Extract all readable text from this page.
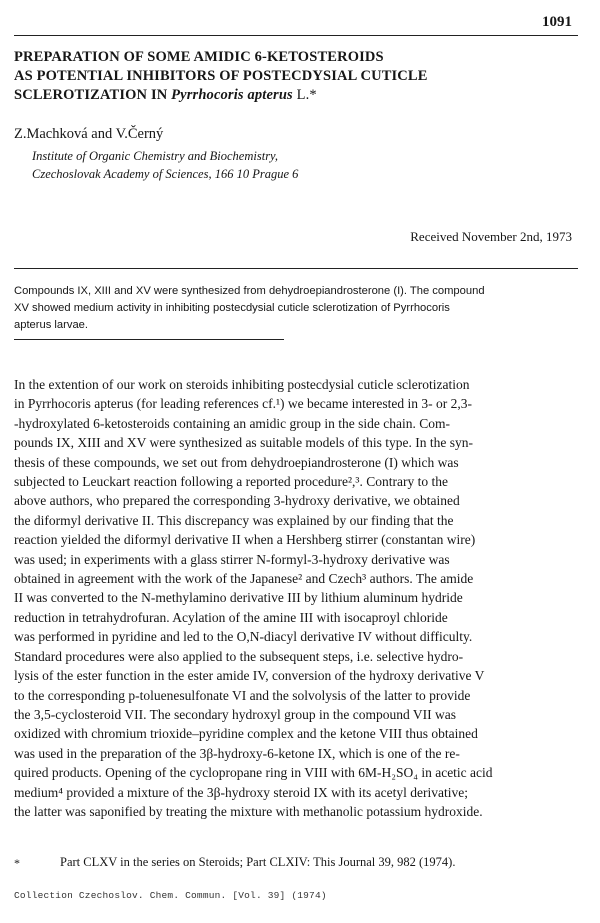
1091
PREPARATION OF SOME AMIDIC 6-KETOSTEROIDS
AS POTENTIAL INHIBITORS OF POSTECDYSIAL CUTICLE
SCLEROTIZATION IN Pyrrhocoris apterus L.*
Z.Machková and V.Černý
Institute of Organic Chemistry and Biochemistry,
Czechoslovak Academy of Sciences, 166 10 Prague 6
Received November 2nd, 1973
Compounds IX, XIII and XV were synthesized from dehydroepiandrosterone (I). The compound
XV showed medium activity in inhibiting postecdysial cuticle sclerotization of Pyrrhocoris
apterus larvae.
In the extention of our work on steroids inhibiting postecdysial cuticle sclerotization
in Pyrrhocoris apterus (for leading references cf.¹) we became interested in 3- or 2,3-
-hydroxylated 6-ketosteroids containing an amidic group in the side chain. Com-
pounds IX, XIII and XV were synthesized as suitable models of this type. In the syn-
thesis of these compounds, we set out from dehydroepiandrosterone (I) which was
subjected to Leuckart reaction following a reported procedure²,³. Contrary to the
above authors, who prepared the corresponding 3-hydroxy derivative, we obtained
the diformyl derivative II. This discrepancy was explained by our finding that the
reaction yielded the diformyl derivative II when a Hershberg stirrer (constantan wire)
was used; in experiments with a glass stirrer N-formyl-3-hydroxy derivative was
obtained in agreement with the work of the Japanese² and Czech³ authors. The amide
II was converted to the N-methylamino derivative III by lithium aluminum hydride
reduction in tetrahydrofuran. Acylation of the amine III with isocaproyl chloride
was performed in pyridine and led to the O,N-diacyl derivative IV without difficulty.
Standard procedures were also applied to the subsequent steps, i.e. selective hydro-
lysis of the ester function in the ester amide IV, conversion of the hydroxy derivative V
to the corresponding p-toluenesulfonate VI and the solvolysis of the latter to provide
the 3,5-cyclosteroid VII. The secondary hydroxyl group in the compound VII was
oxidized with chromium trioxide–pyridine complex and the ketone VIII thus obtained
was used in the preparation of the 3β-hydroxy-6-ketone IX, which is one of the re-
quired products. Opening of the cyclopropane ring in VIII with 6M-H₂SO₄ in acetic acid
medium⁴ provided a mixture of the 3β-hydroxy steroid IX with its acetyl derivative;
the latter was saponified by treating the mixture with methanolic potassium hydroxide.
*	Part CLXV in the series on Steroids; Part CLXIV: This Journal 39, 982 (1974).
Collection Czechoslov. Chem. Commun. [Vol. 39] (1974)
